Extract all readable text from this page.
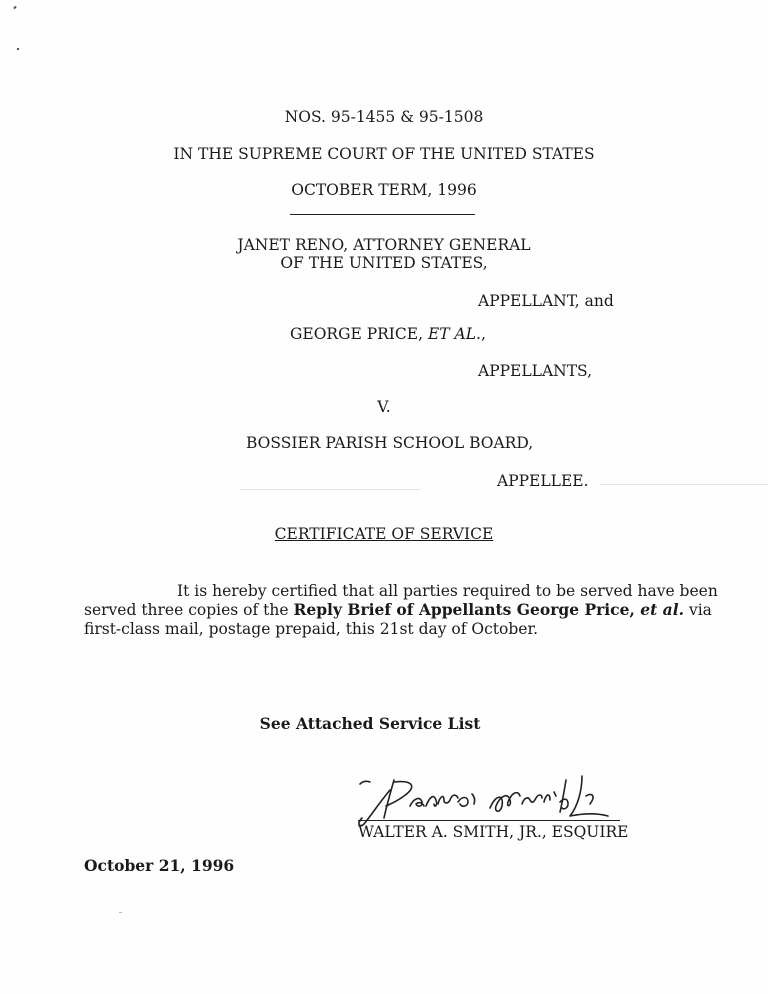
NOS. 95-1455 & 95-1508
IN THE SUPREME COURT OF THE UNITED STATES
OCTOBER TERM, 1996
JANET RENO, ATTORNEY GENERAL
OF THE UNITED STATES,
APPELLANT, and
GEORGE PRICE, ET AL.,
APPELLANTS,
V.
BOSSIER PARISH SCHOOL BOARD,
APPELLEE.
CERTIFICATE OF SERVICE
It is hereby certified that all parties required to be served have been
served three copies of the Reply Brief of Appellants George Price, et al. via
first-class mail, postage prepaid, this 21st day of October.
See Attached Service List
WALTER A. SMITH, JR., ESQUIRE
October 21, 1996
